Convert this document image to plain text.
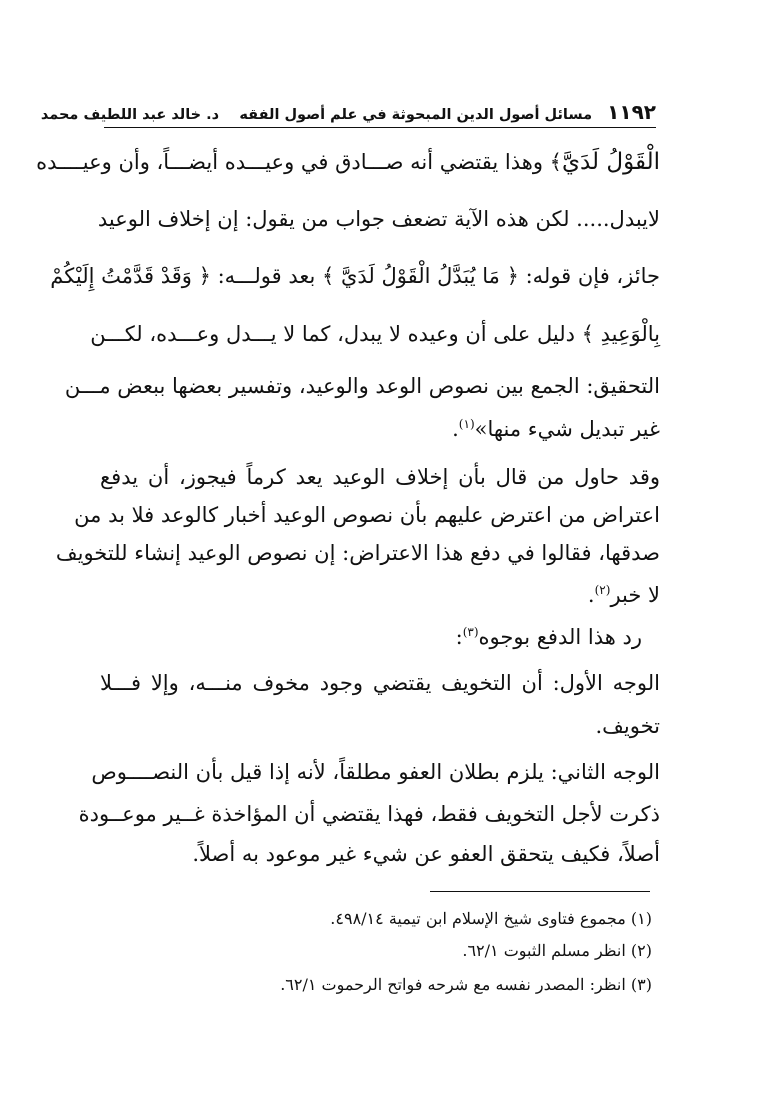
١١٩٢ مسائل أصول الدين المبحوثة في علم أصول الفقه    د. خالد عبد اللطيف محمد
الْقَوْلُ لَدَيَّ﴾ وهذا يقتضي أنه صـــادق في وعيـــده أيضـــاً، وأن وعيــــده
لايبدل..... لكن هذه الآية تضعف جواب من يقول: إن إخلاف الوعيد
جائز، فإن قوله: ﴿ مَا يُبَدَّلُ الْقَوْلُ لَدَيَّ ﴾ بعد قولـــه: ﴿ وَقَدْ قَدَّمْتُ إِلَيْكُمْ
بِالْوَعِيدِ ﴾ دليل على أن وعيده لا يبدل، كما لا يـــدل وعـــده، لكـــن
التحقيق: الجمع بين نصوص الوعد والوعيد، وتفسير بعضها ببعض مـــن
غير تبديل شيء منها»$^{(١)}$.
وقد حاول من قال بأن إخلاف الوعيد يعد كرماً فيجوز، أن يدفع
اعتراض من اعترض عليهم بأن نصوص الوعيد أخبار كالوعد فلا بد من
صدقها، فقالوا في دفع هذا الاعتراض: إن نصوص الوعيد إنشاء للتخويف
لا خبر$^{(٢)}$.
رد هذا الدفع بوجوه$^{(٣)}$:
الوجه الأول: أن التخويف يقتضي وجود مخوف منـــه، وإلا فـــلا
تخويف.
الوجه الثاني: يلزم بطلان العفو مطلقاً، لأنه إذا قيل بأن النصــــوص
ذكرت لأجل التخويف فقط، فهذا يقتضي أن المؤاخذة غــير موعــودة
أصلاً، فكيف يتحقق العفو عن شيء غير موعود به أصلاً.
(١) مجموع فتاوى شيخ الإسلام ابن تيمية ٤٩٨/١٤.
(٢) انظر مسلم الثبوت ٦٢/١.
(٣) انظر: المصدر نفسه مع شرحه فواتح الرحموت ٦٢/١.
